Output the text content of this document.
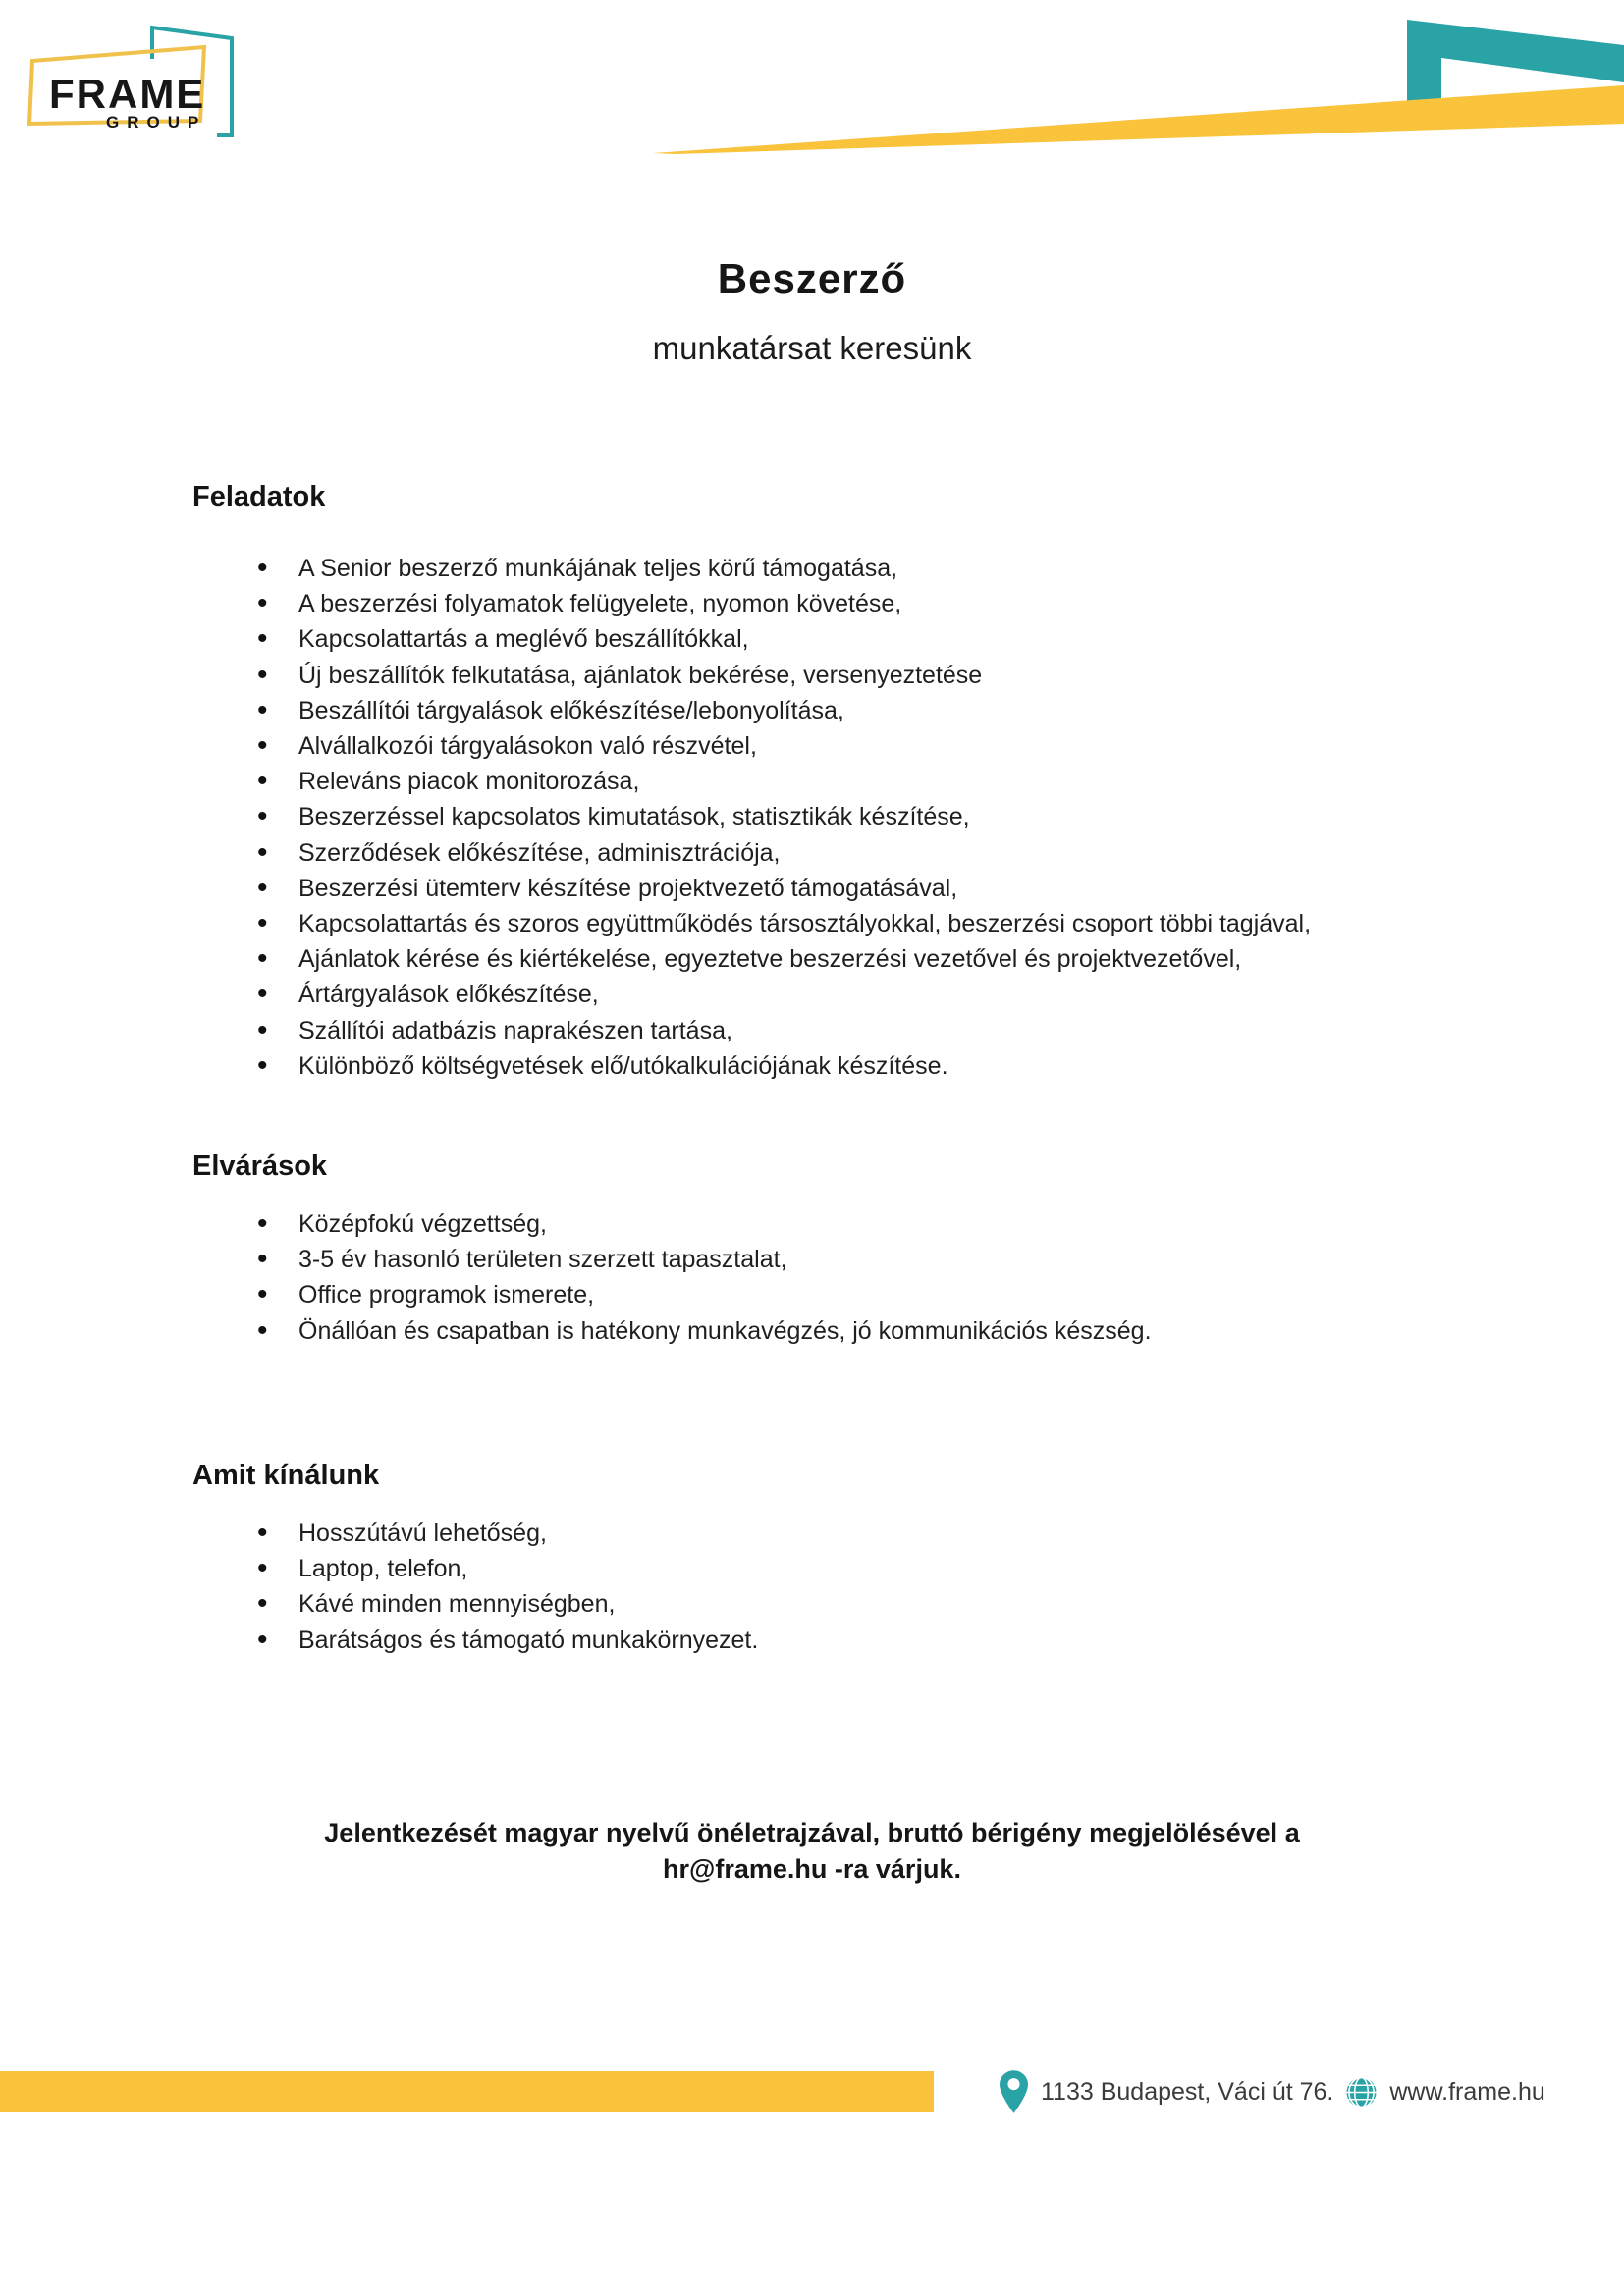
FRAME
GROUP
Beszerző
munkatársat keresünk
Feladatok
• A Senior beszerző munkájának teljes körű támogatása,
• A beszerzési folyamatok felügyelete, nyomon követése,
• Kapcsolattartás a meglévő beszállítókkal,
• Új beszállítók felkutatása, ajánlatok bekérése, versenyeztetése
• Beszállítói tárgyalások előkészítése/lebonyolítása,
• Alvállalkozói tárgyalásokon való részvétel,
• Releváns piacok monitorozása,
• Beszerzéssel kapcsolatos kimutatások, statisztikák készítése,
• Szerződések előkészítése, adminisztrációja,
• Beszerzési ütemterv készítése projektvezető támogatásával,
• Kapcsolattartás és szoros együttműködés társosztályokkal, beszerzési csoport többi tagjával,
• Ajánlatok kérése és kiértékelése, egyeztetve beszerzési vezetővel és projektvezetővel,
• Ártárgyalások előkészítése,
• Szállítói adatbázis naprakészen tartása,
• Különböző költségvetések elő/utókalkulációjának készítése.
Elvárások
• Középfokú végzettség,
• 3-5 év hasonló területen szerzett tapasztalat,
• Office programok ismerete,
• Önállóan és csapatban is hatékony munkavégzés, jó kommunikációs készség.
Amit kínálunk
• Hosszútávú lehetőség,
• Laptop, telefon,
• Kávé minden mennyiségben,
• Barátságos és támogató munkakörnyezet.
Jelentkezését magyar nyelvű önéletrajzával, bruttó bérigény megjelölésével a
hr@frame.hu -ra várjuk.
1133 Budapest, Váci út 76. www.frame.hu
